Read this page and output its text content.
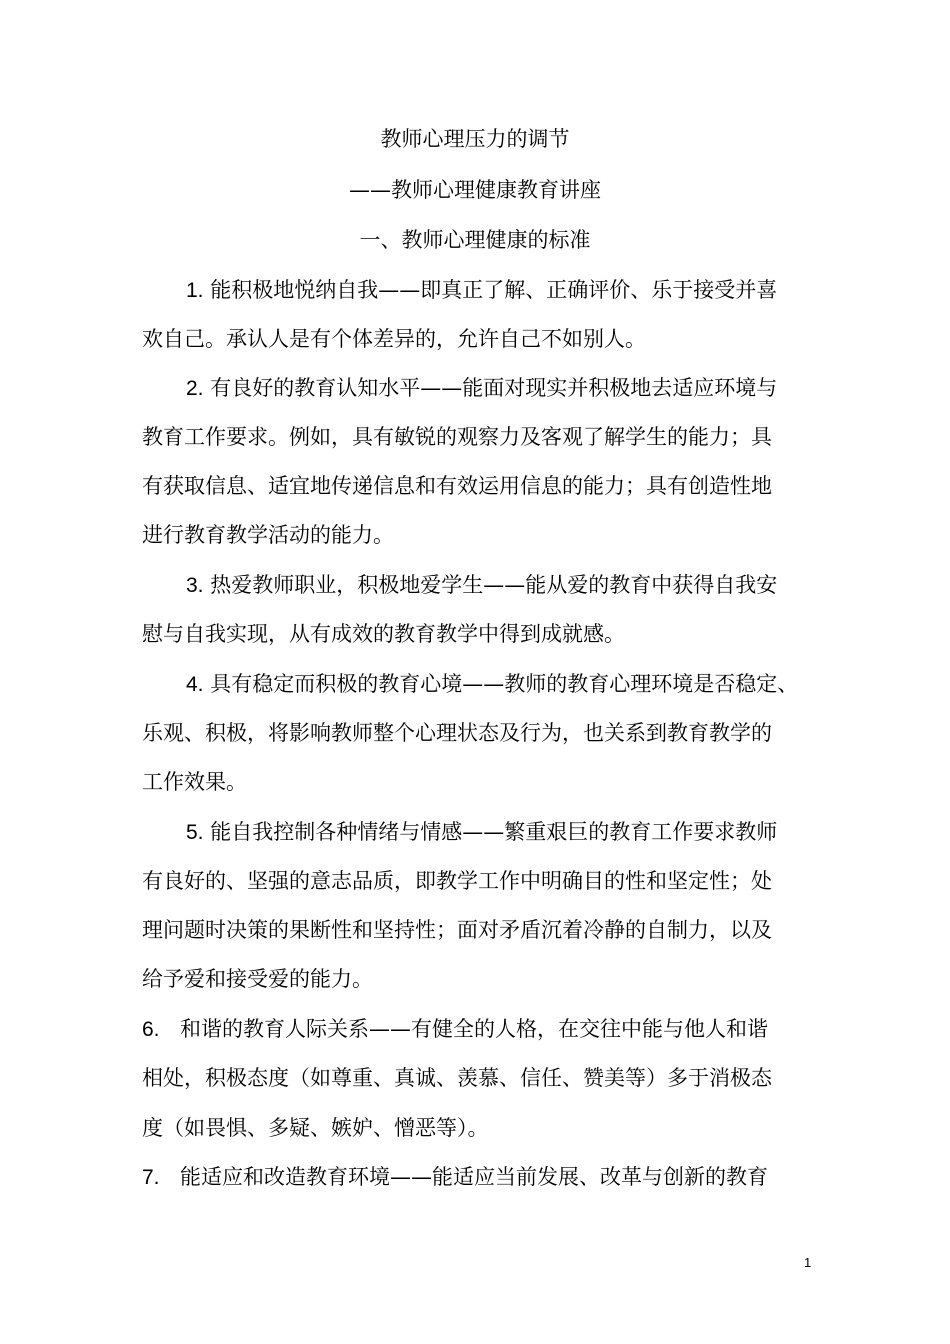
教师心理压力的调节
——教师心理健康教育讲座
一、教师心理健康的标准
1. 能积极地悦纳自我——即真正了解、正确评价、乐于接受并喜
欢自己。承认人是有个体差异的，允许自己不如别人。
2. 有良好的教育认知水平——能面对现实并积极地去适应环境与
教育工作要求。例如，具有敏锐的观察力及客观了解学生的能力；具
有获取信息、适宜地传递信息和有效运用信息的能力；具有创造性地
进行教育教学活动的能力。
3. 热爱教师职业，积极地爱学生——能从爱的教育中获得自我安
慰与自我实现，从有成效的教育教学中得到成就感。
4. 具有稳定而积极的教育心境——教师的教育心理环境是否稳定、
乐观、积极，将影响教师整个心理状态及行为，也关系到教育教学的
工作效果。
5. 能自我控制各种情绪与情感——繁重艰巨的教育工作要求教师
有良好的、坚强的意志品质，即教学工作中明确目的性和坚定性；处
理问题时决策的果断性和坚持性；面对矛盾沉着冷静的自制力，以及
给予爱和接受爱的能力。
6. 和谐的教育人际关系——有健全的人格，在交往中能与他人和谐
相处，积极态度（如尊重、真诚、羡慕、信任、赞美等）多于消极态
度（如畏惧、多疑、嫉妒、憎恶等）。
7. 能适应和改造教育环境——能适应当前发展、改革与创新的教育
1
